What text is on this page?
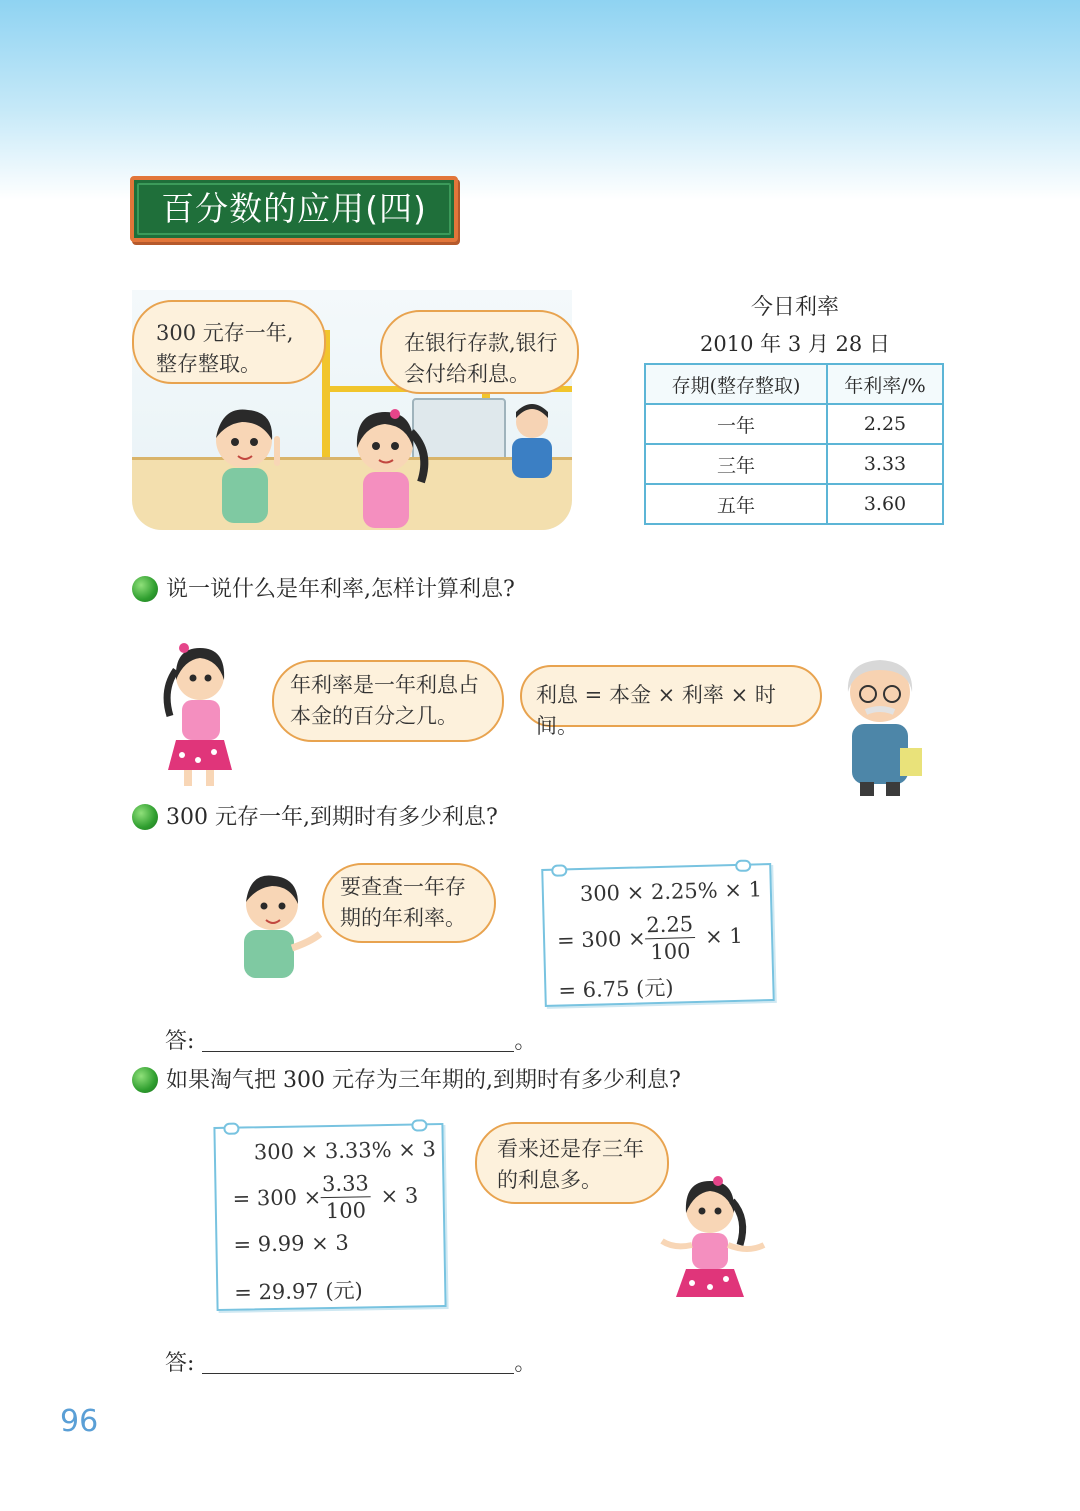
百分数的应用(四)
300 元存一年,整存整取。
在银行存款,银行会付给利息。
今日利率
2010 年 3 月 28 日
存期(整存整取)	年利率/%
一年	2.25
三年	3.33
五年	3.60
说一说什么是年利率,怎样计算利息?
年利率是一年利息占本金的百分之几。
利息 = 本金 × 利率 × 时间。
300 元存一年,到期时有多少利息?
要查查一年存期的年利率。
300 × 2.25% × 1
= 300 ×
$\frac{2.25}{100} \times 1$
= 6.75 (元)
答:	。
如果淘气把 300 元存为三年期的,到期时有多少利息?
300 × 3.33% × 3
= 300 ×
$\frac{3.33}{100} \times 3$
= 9.99 × 3
= 29.97 (元)
看来还是存三年的利息多。
答:	。
96
